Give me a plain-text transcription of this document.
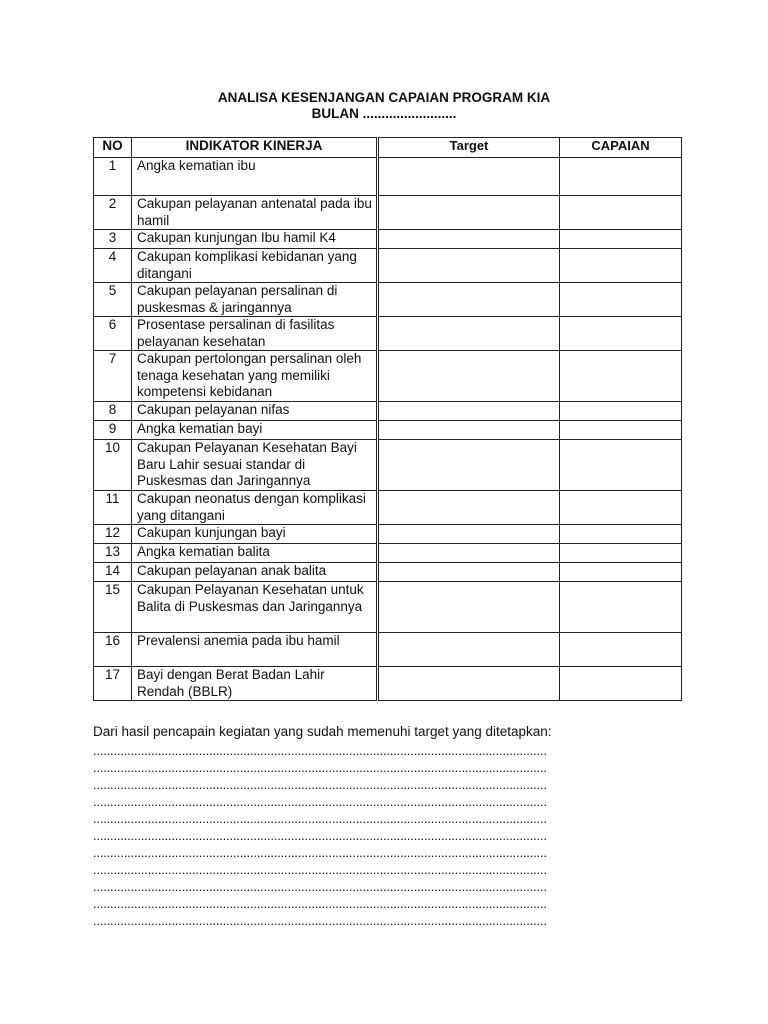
ANALISA KESENJANGAN CAPAIAN PROGRAM KIA
BULAN .........................
NO	INDIKATOR KINERJA	Target	CAPAIAN
1	Angka kematian ibu		
2	Cakupan pelayanan antenatal pada ibu hamil		
3	Cakupan kunjungan Ibu hamil K4		
4	Cakupan komplikasi kebidanan yang ditangani		
5	Cakupan pelayanan persalinan di puskesmas & jaringannya		
6	Prosentase persalinan di fasilitas pelayanan kesehatan		
7	Cakupan pertolongan persalinan oleh tenaga kesehatan yang memiliki kompetensi kebidanan		
8	Cakupan pelayanan nifas		
9	Angka kematian bayi		
10	Cakupan Pelayanan Kesehatan Bayi Baru Lahir sesuai standar di Puskesmas dan Jaringannya		
11	Cakupan neonatus dengan komplikasi yang ditangani		
12	Cakupan kunjungan bayi		
13	Angka kematian balita		
14	Cakupan pelayanan anak balita		
15	Cakupan Pelayanan Kesehatan untuk Balita di Puskesmas dan Jaringannya		
16	Prevalensi anemia pada ibu hamil		
17	Bayi dengan Berat Badan Lahir Rendah (BBLR)		
Dari hasil pencapain kegiatan yang sudah memenuhi target yang ditetapkan:
.....................................................................................................................................
.....................................................................................................................................
.....................................................................................................................................
.....................................................................................................................................
.....................................................................................................................................
.....................................................................................................................................
.....................................................................................................................................
.....................................................................................................................................
.....................................................................................................................................
.....................................................................................................................................
.....................................................................................................................................
